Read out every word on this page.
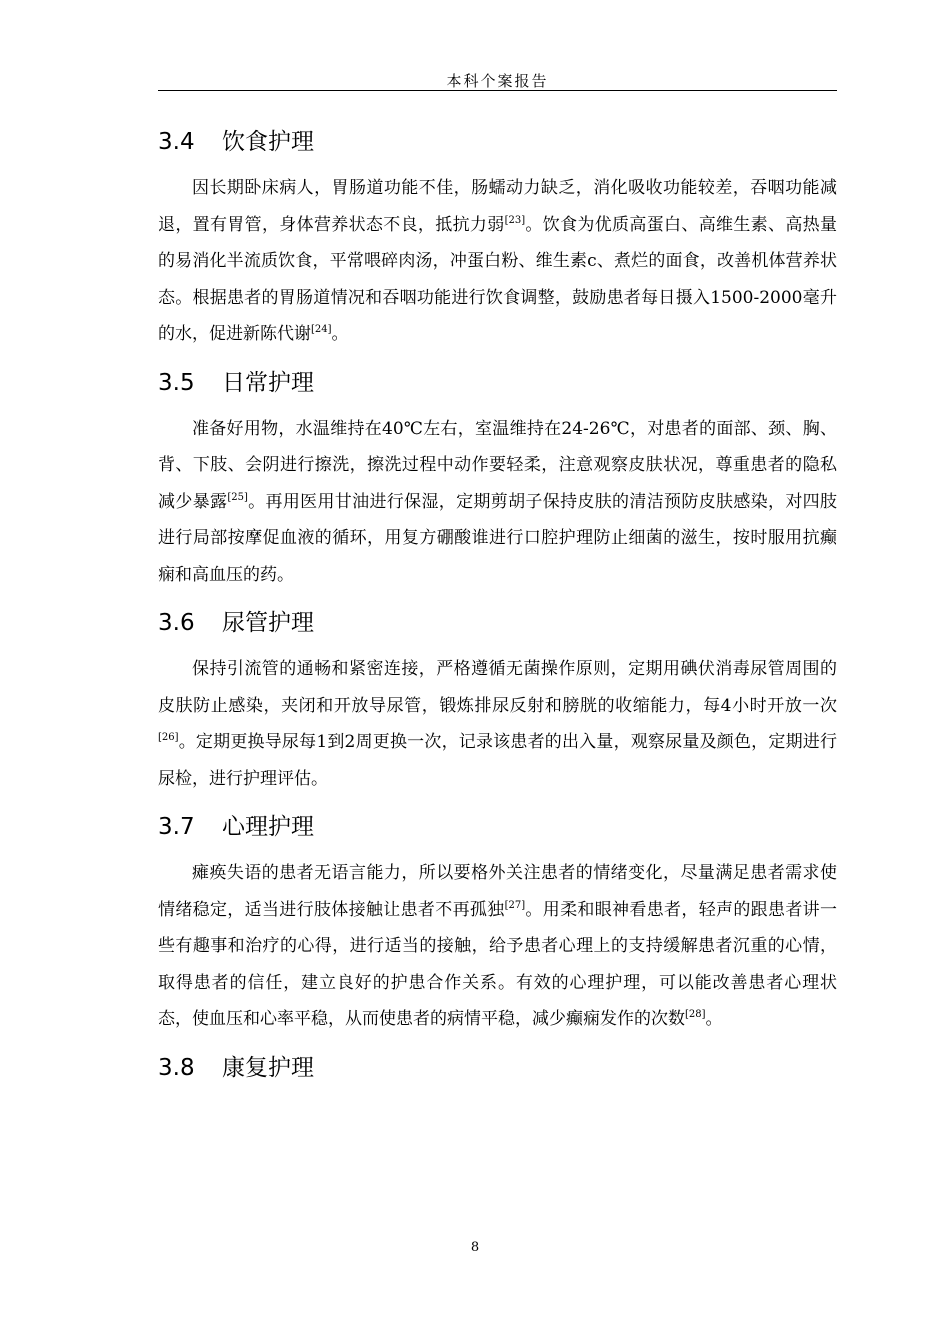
本科个案报告
3.4 饮食护理

因长期卧床病人，胃肠道功能不佳，肠蠕动力缺乏，消化吸收功能较差，吞咽功能减退，置有胃管，身体营养状态不良，抵抗力弱[23]。饮食为优质高蛋白、高维生素、高热量的易消化半流质饮食，平常喂碎肉汤，冲蛋白粉、维生素c、煮烂的面食，改善机体营养状态。根据患者的胃肠道情况和吞咽功能进行饮食调整，鼓励患者每日摄入1500-2000毫升的水，促进新陈代谢[24]。

3.5 日常护理

准备好用物，水温维持在40℃左右，室温维持在24-26℃，对患者的面部、颈、胸、背、下肢、会阴进行擦洗，擦洗过程中动作要轻柔，注意观察皮肤状况，尊重患者的隐私减少暴露[25]。再用医用甘油进行保湿，定期剪胡子保持皮肤的清洁预防皮肤感染，对四肢进行局部按摩促血液的循环，用复方硼酸谁进行口腔护理防止细菌的滋生，按时服用抗癫痫和高血压的药。

3.6 尿管护理

保持引流管的通畅和紧密连接，严格遵循无菌操作原则，定期用碘伏消毒尿管周围的皮肤防止感染，夹闭和开放导尿管，锻炼排尿反射和膀胱的收缩能力，每4小时开放一次[26]。定期更换导尿每1到2周更换一次，记录该患者的出入量，观察尿量及颜色，定期进行尿检，进行护理评估。

3.7 心理护理

瘫痪失语的患者无语言能力，所以要格外关注患者的情绪变化，尽量满足患者需求使情绪稳定，适当进行肢体接触让患者不再孤独[27]。用柔和眼神看患者，轻声的跟患者讲一些有趣事和治疗的心得，进行适当的接触，给予患者心理上的支持缓解患者沉重的心情，取得患者的信任，建立良好的护患合作关系。有效的心理护理，可以能改善患者心理状态，使血压和心率平稳，从而使患者的病情平稳，减少癫痫发作的次数[28]。

3.8 康复护理
8
